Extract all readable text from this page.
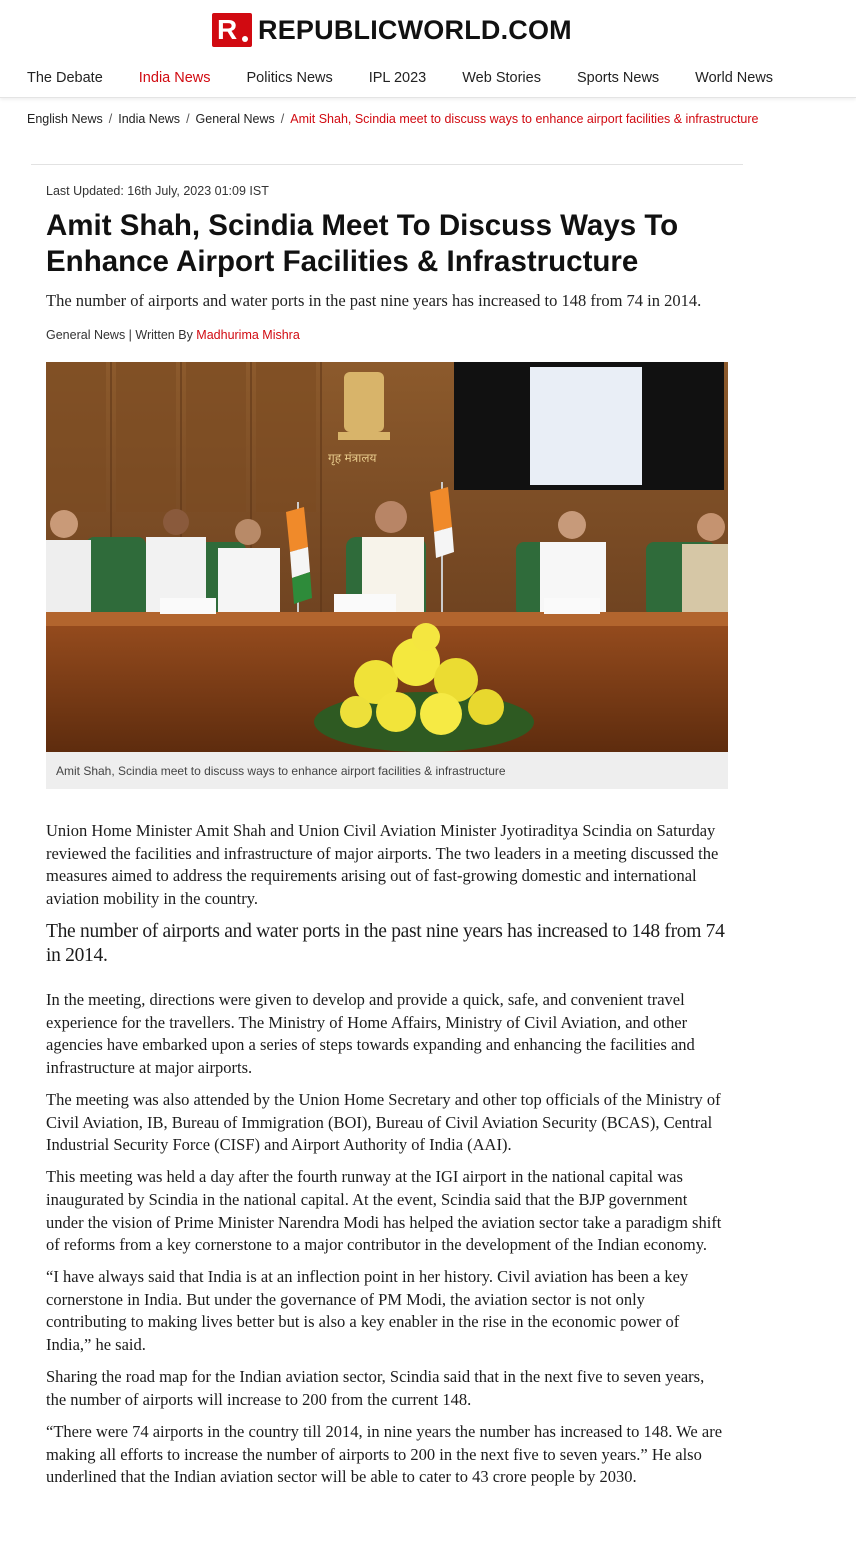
R REPUBLICWORLD.COM
The Debate India News Politics News IPL 2023 Web Stories Sports News World News
English News / India News / General News / Amit Shah, Scindia meet to discuss ways to enhance airport facilities & infrastructure
Last Updated: 16th July, 2023 01:09 IST
Amit Shah, Scindia Meet To Discuss Ways To Enhance Airport Facilities & Infrastructure

The number of airports and water ports in the past nine years has increased to 148 from 74 in 2014.

General News | Written By Madhurima Mishra
गृह मंत्रालय
Amit Shah, Scindia meet to discuss ways to enhance airport facilities & infrastructure

Union Home Minister Amit Shah and Union Civil Aviation Minister Jyotiraditya Scindia on Saturday reviewed the facilities and infrastructure of major airports. The two leaders in a meeting discussed the measures aimed to address the requirements arising out of fast-growing domestic and international aviation mobility in the country.

The number of airports and water ports in the past nine years has increased to 148 from 74 in 2014.

In the meeting, directions were given to develop and provide a quick, safe, and convenient travel experience for the travellers. The Ministry of Home Affairs, Ministry of Civil Aviation, and other agencies have embarked upon a series of steps towards expanding and enhancing the facilities and infrastructure at major airports.

The meeting was also attended by the Union Home Secretary and other top officials of the Ministry of Civil Aviation, IB, Bureau of Immigration (BOI), Bureau of Civil Aviation Security (BCAS), Central Industrial Security Force (CISF) and Airport Authority of India (AAI).

This meeting was held a day after the fourth runway at the IGI airport in the national capital was inaugurated by Scindia in the national capital. At the event, Scindia said that the BJP government under the vision of Prime Minister Narendra Modi has helped the aviation sector take a paradigm shift of reforms from a key cornerstone to a major contributor in the development of the Indian economy.

“I have always said that India is at an inflection point in her history. Civil aviation has been a key cornerstone in India. But under the governance of PM Modi, the aviation sector is not only contributing to making lives better but is also a key enabler in the rise in the economic power of India,” he said.

Sharing the road map for the Indian aviation sector, Scindia said that in the next five to seven years, the number of airports will increase to 200 from the current 148.

“There were 74 airports in the country till 2014, in nine years the number has increased to 148. We are making all efforts to increase the number of airports to 200 in the next five to seven years.” He also underlined that the Indian aviation sector will be able to cater to 43 crore people by 2030.
